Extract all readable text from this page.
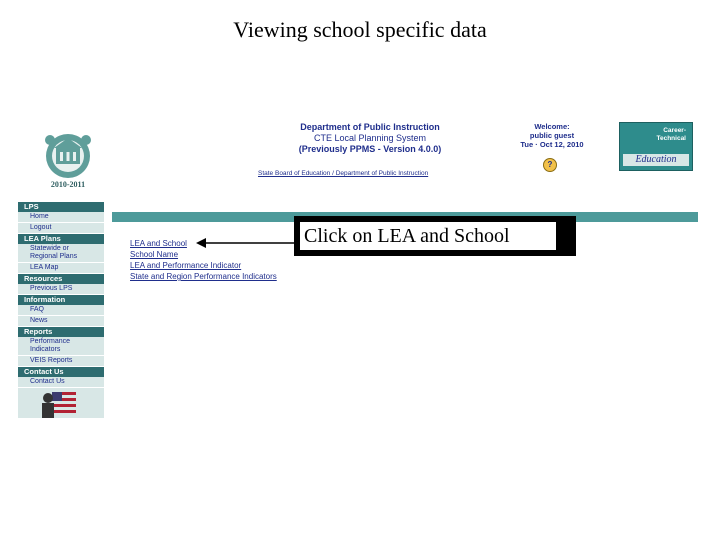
Viewing school specific data
2010-2011
Department of Public Instruction
CTE Local Planning System
(Previously PPMS - Version 4.0.0)
State Board of Education / Department of Public Instruction
Welcome:
public guest
Tue · Oct 12, 2010
?
Career-
Technical
Education
LPS
Home
Logout
LEA Plans
Statewide or
Regional Plans
LEA Map
Resources
Previous LPS
Information
FAQ
News
Reports
Performance
Indicators
VEIS Reports
Contact Us
Contact Us
LEA and School
School Name
LEA and Performance Indicator
State and Region Performance Indicators
Click on LEA and School
